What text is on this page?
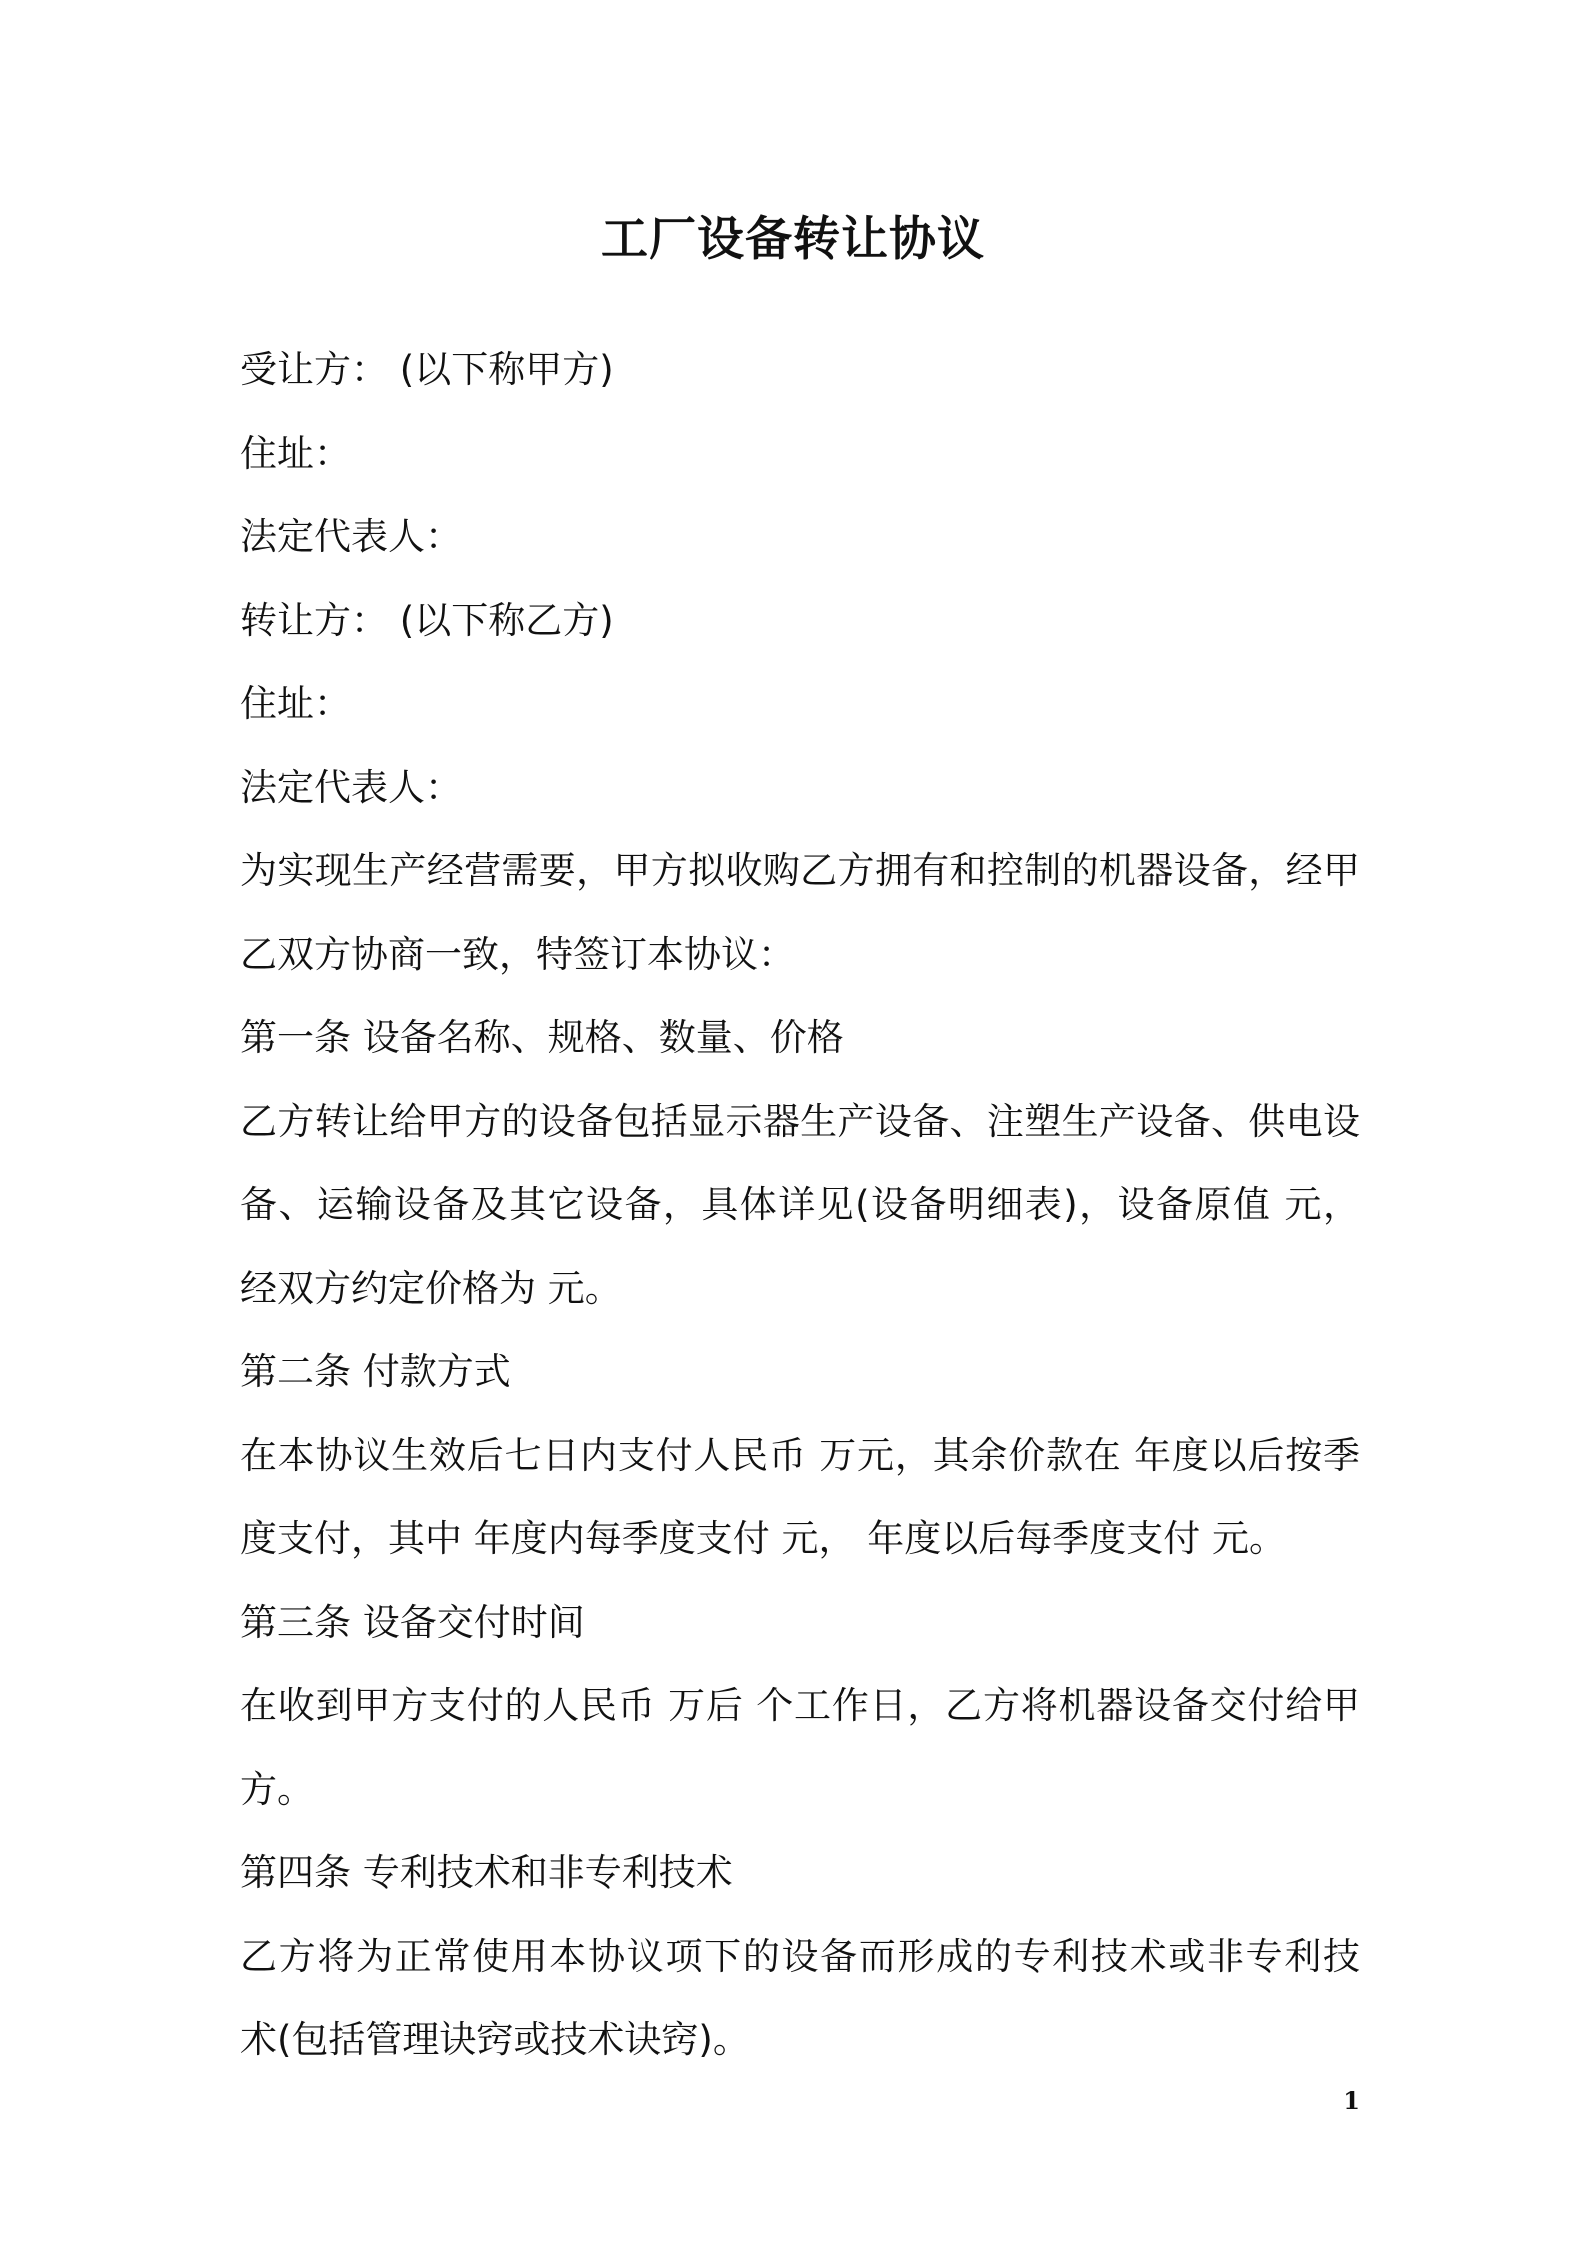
工厂设备转让协议
受让方： (以下称甲方)
住址：
法定代表人：
转让方： (以下称乙方)
住址：
法定代表人：
为实现生产经营需要，甲方拟收购乙方拥有和控制的机器设备，经甲
乙双方协商一致，特签订本协议：
第一条 设备名称、规格、数量、价格
乙方转让给甲方的设备包括显示器生产设备、注塑生产设备、供电设
备、运输设备及其它设备，具体详见(设备明细表)，设备原值 元，
经双方约定价格为 元。
第二条 付款方式
在本协议生效后七日内支付人民币 万元，其余价款在 年度以后按季
度支付，其中 年度内每季度支付 元， 年度以后每季度支付 元。
第三条 设备交付时间
在收到甲方支付的人民币 万后 个工作日，乙方将机器设备交付给甲
方。
第四条 专利技术和非专利技术
乙方将为正常使用本协议项下的设备而形成的专利技术或非专利技
术(包括管理诀窍或技术诀窍)。
1
